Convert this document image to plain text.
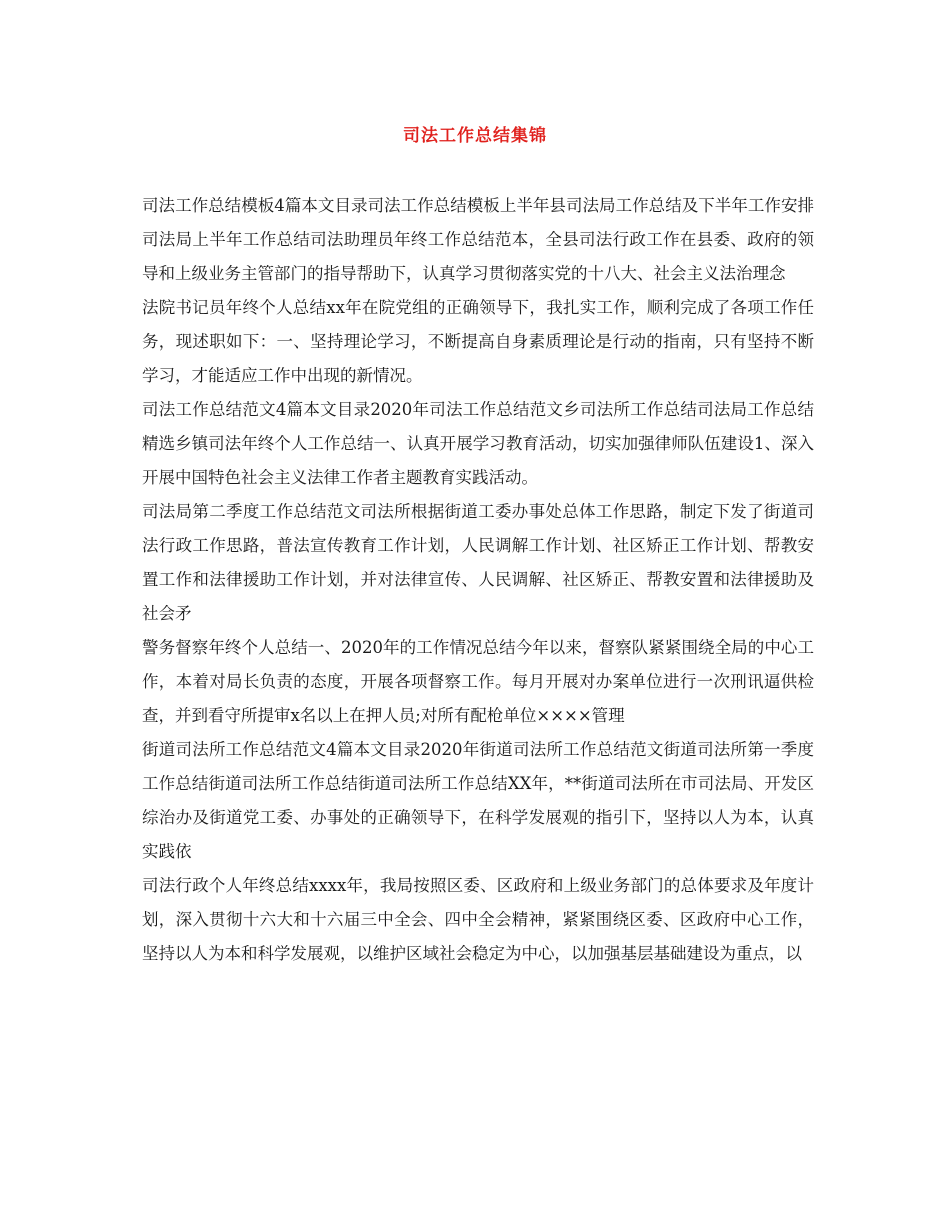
司法工作总结集锦

司法工作总结模板4篇本文目录司法工作总结模板上半年县司法局工作总结及下半年工作安排司法局上半年工作总结司法助理员年终工作总结范本，全县司法行政工作在县委、政府的领导和上级业务主管部门的指导帮助下，认真学习贯彻落实党的十八大、社会主义法治理念

法院书记员年终个人总结xx年在院党组的正确领导下，我扎实工作，顺利完成了各项工作任务，现述职如下：一、坚持理论学习，不断提高自身素质理论是行动的指南，只有坚持不断学习，才能适应工作中出现的新情况。

司法工作总结范文4篇本文目录2020年司法工作总结范文乡司法所工作总结司法局工作总结精选乡镇司法年终个人工作总结一、认真开展学习教育活动，切实加强律师队伍建设1、深入开展中国特色社会主义法律工作者主题教育实践活动。

司法局第二季度工作总结范文司法所根据街道工委办事处总体工作思路，制定下发了街道司法行政工作思路，普法宣传教育工作计划，人民调解工作计划、社区矫正工作计划、帮教安置工作和法律援助工作计划，并对法律宣传、人民调解、社区矫正、帮教安置和法律援助及社会矛

警务督察年终个人总结一、2020年的工作情况总结今年以来，督察队紧紧围绕全局的中心工作，本着对局长负责的态度，开展各项督察工作。每月开展对办案单位进行一次刑讯逼供检查，并到看守所提审x名以上在押人员;对所有配枪单位××××管理

街道司法所工作总结范文4篇本文目录2020年街道司法所工作总结范文街道司法所第一季度工作总结街道司法所工作总结街道司法所工作总结XX年，**街道司法所在市司法局、开发区综治办及街道党工委、办事处的正确领导下，在科学发展观的指引下，坚持以人为本，认真实践依

司法行政个人年终总结xxxx年，我局按照区委、区政府和上级业务部门的总体要求及年度计划，深入贯彻十六大和十六届三中全会、四中全会精神，紧紧围绕区委、区政府中心工作，坚持以人为本和科学发展观，以维护区域社会稳定为中心，以加强基层基础建设为重点，以
